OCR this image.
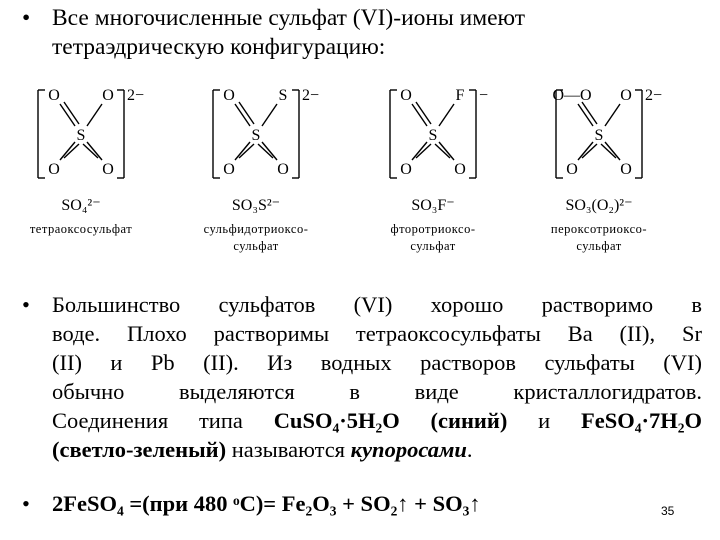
• Все многочисленные сульфат (VI)-ионы имеют тетраэдрическую конфигурацию:
O	O
S
O	O
2−
SO₄²⁻
тетраоксосульфат
O	S
S
O	O
2−
SO₃S²⁻
сульфидотриоксо-
сульфат
O	F
S
O	O
−
SO₃F⁻
фторотриоксо-
сульфат
O—O O
S
O	O
2−
SO₃(O₂)²⁻
пероксотриоксо-
сульфат
• Большинство сульфатов (VI) хорошо растворимо в
воде. Плохо растворимы тетраоксосульфаты Ba (II), Sr
(II) и Pb (II). Из водных растворов сульфаты (VI)
обычно выделяются в виде кристаллогидратов.
Соединения типа CuSO₄·5H₂O (синий) и FeSO₄·7H₂O
(светло-зеленый) называются купоросами.
• 2FeSO₄ =(при 480 ᵒC)= Fe₂O₃ + SO₂↑ + SO₃↑	35
